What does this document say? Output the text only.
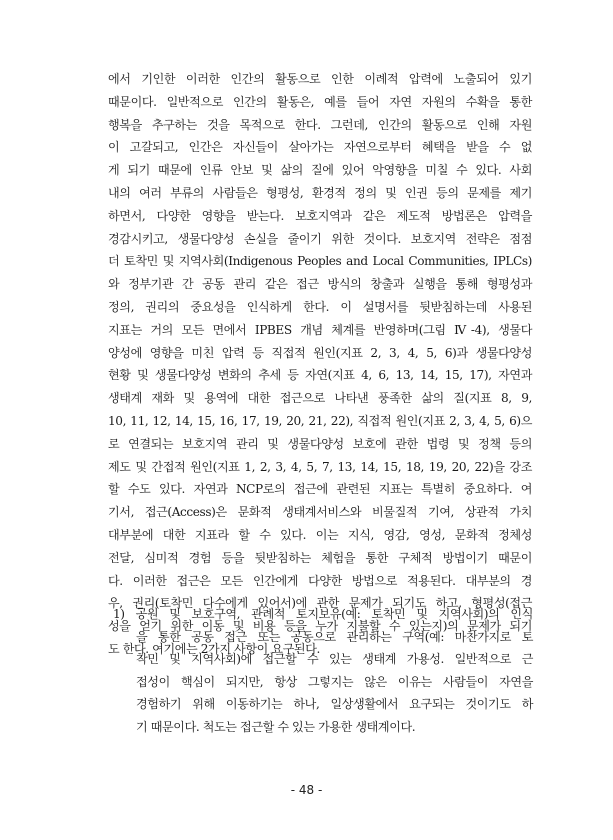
에서 기인한 이러한 인간의 활동으로 인한 이례적 압력에 노출되어 있기
때문이다. 일반적으로 인간의 활동은, 예를 들어 자연 자원의 수확을 통한
행복을 추구하는 것을 목적으로 한다. 그런데, 인간의 활동으로 인해 자원
이 고갈되고, 인간은 자신들이 살아가는 자연으로부터 혜택을 받을 수 없
게 되기 때문에 인류 안보 및 삶의 질에 있어 악영향을 미칠 수 있다. 사회
내의 여러 부류의 사람들은 형평성, 환경적 정의 및 인권 등의 문제를 제기
하면서, 다양한 영향을 받는다. 보호지역과 같은 제도적 방법론은 압력을
경감시키고, 생물다양성 손실을 줄이기 위한 것이다. 보호지역 전략은 점점
더 토착민 및 지역사회(Indigenous Peoples and Local Communities, IPLCs)
와 정부기관 간 공동 관리 같은 접근 방식의 창출과 실행을 통해 형평성과
정의, 권리의 중요성을 인식하게 한다. 이 설명서를 뒷받침하는데 사용된
지표는 거의 모든 면에서 IPBES 개념 체계를 반영하며(그림 Ⅳ-4), 생물다
양성에 영향을 미친 압력 등 직접적 원인(지표 2, 3, 4, 5, 6)과 생물다양성
현황 및 생물다양성 변화의 추세 등 자연(지표 4, 6, 13, 14, 15, 17), 자연과
생태계 재화 및 용역에 대한 접근으로 나타낸 풍족한 삶의 질(지표 8, 9,
10, 11, 12, 14, 15, 16, 17, 19, 20, 21, 22), 직접적 원인(지표 2, 3, 4, 5, 6)으
로 연결되는 보호지역 관리 및 생물다양성 보호에 관한 법령 및 정책 등의
제도 및 간접적 원인(지표 1, 2, 3, 4, 5, 7, 13, 14, 15, 18, 19, 20, 22)을 강조
할 수도 있다. 자연과 NCP로의 접근에 관련된 지표는 특별히 중요하다. 여
기서, 접근(Access)은 문화적 생태계서비스와 비물질적 기여, 상관적 가치
대부분에 대한 지표라 할 수 있다. 이는 지식, 영감, 영성, 문화적 정체성
전달, 심미적 경험 등을 뒷받침하는 체험을 통한 구체적 방법이기 때문이
다. 이러한 접근은 모든 인간에게 다양한 방법으로 적용된다. 대부분의 경
우, 권리(토착민 다수에게 있어서)에 관한 문제가 되기도 하고, 형평성(접근
성을 얻기 위한 이동 및 비용 등을 누가 지불할 수 있는지)의 문제가 되기
도 한다. 여기에는 2가지 사항이 요구된다.
1) 공원 및 보호구역, 관례적 토지보유(예: 토착민 및 지역사회)의 인식
을 통한 공동 접근 또는 공동으로 관리하는 구역(예: 마찬가지로 토
착민 및 지역사회)에 접근할 수 있는 생태계 가용성. 일반적으로 근
접성이 핵심이 되지만, 항상 그렇지는 않은 이유는 사람들이 자연을
경험하기 위해 이동하기는 하나, 일상생활에서 요구되는 것이기도 하
기 때문이다. 척도는 접근할 수 있는 가용한 생태계이다.
- 48 -
